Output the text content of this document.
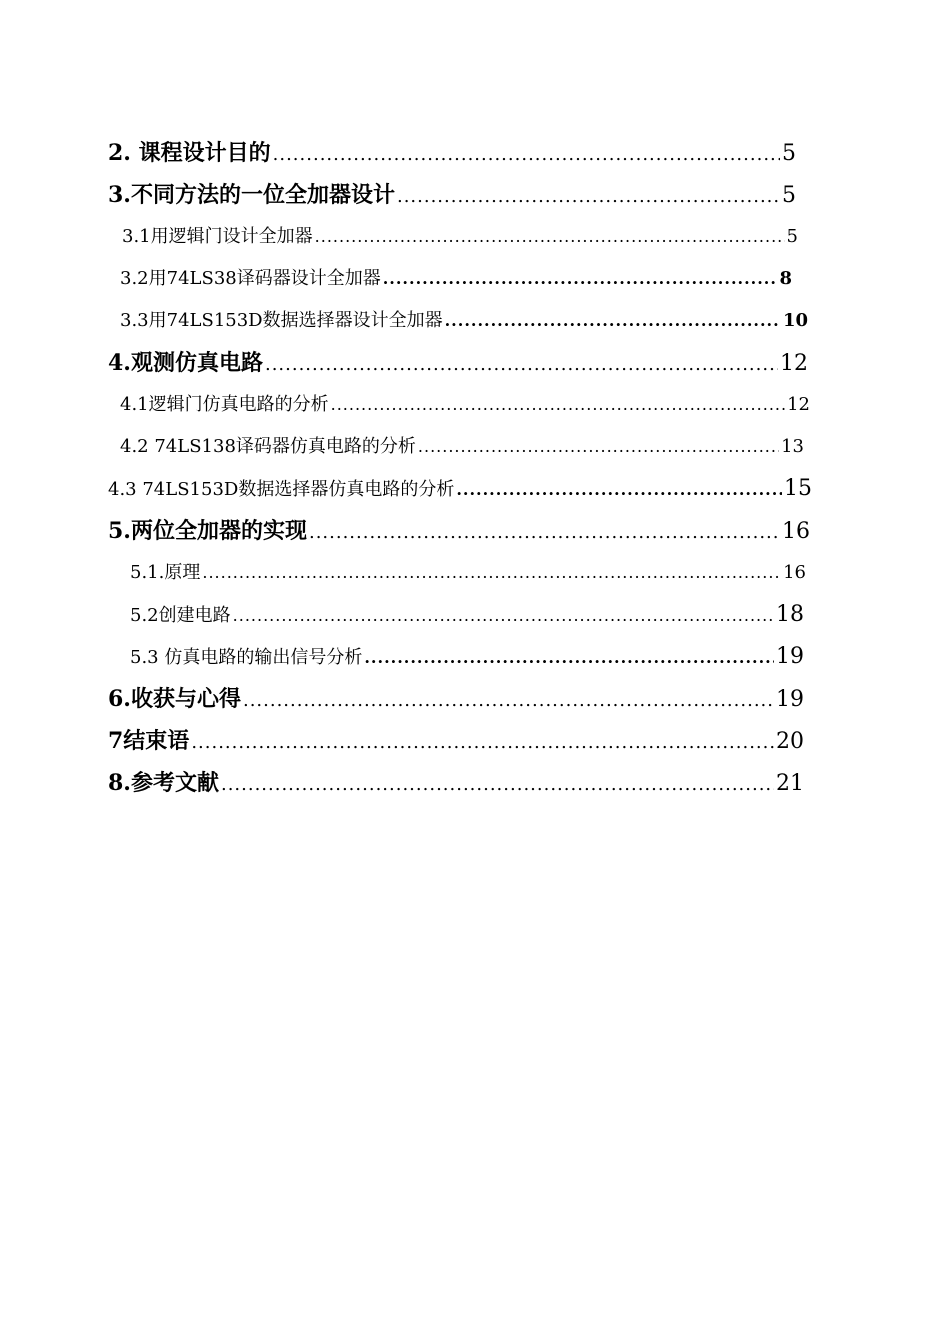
2. 课程设计目的 .....	5
3.不同方法的一位全加器设计 .....	5
3.1用逻辑门设计全加器 .....	5
3.2用74LS38译码器设计全加器 .....	8
3.3用74LS153D数据选择器设计全加器 .....	10
4.观测仿真电路 .....	12
4.1逻辑门仿真电路的分析 .....	12
4.2 74LS138译码器仿真电路的分析 .....	13
4.3 74LS153D数据选择器仿真电路的分析 .....	15
5.两位全加器的实现 .....	16
5.1.原理 .....	16
5.2创建电路 .....	18
5.3 仿真电路的输出信号分析 .....	19
6.收获与心得 .....	19
7结束语 .....	20
8.参考文献 .....	21
